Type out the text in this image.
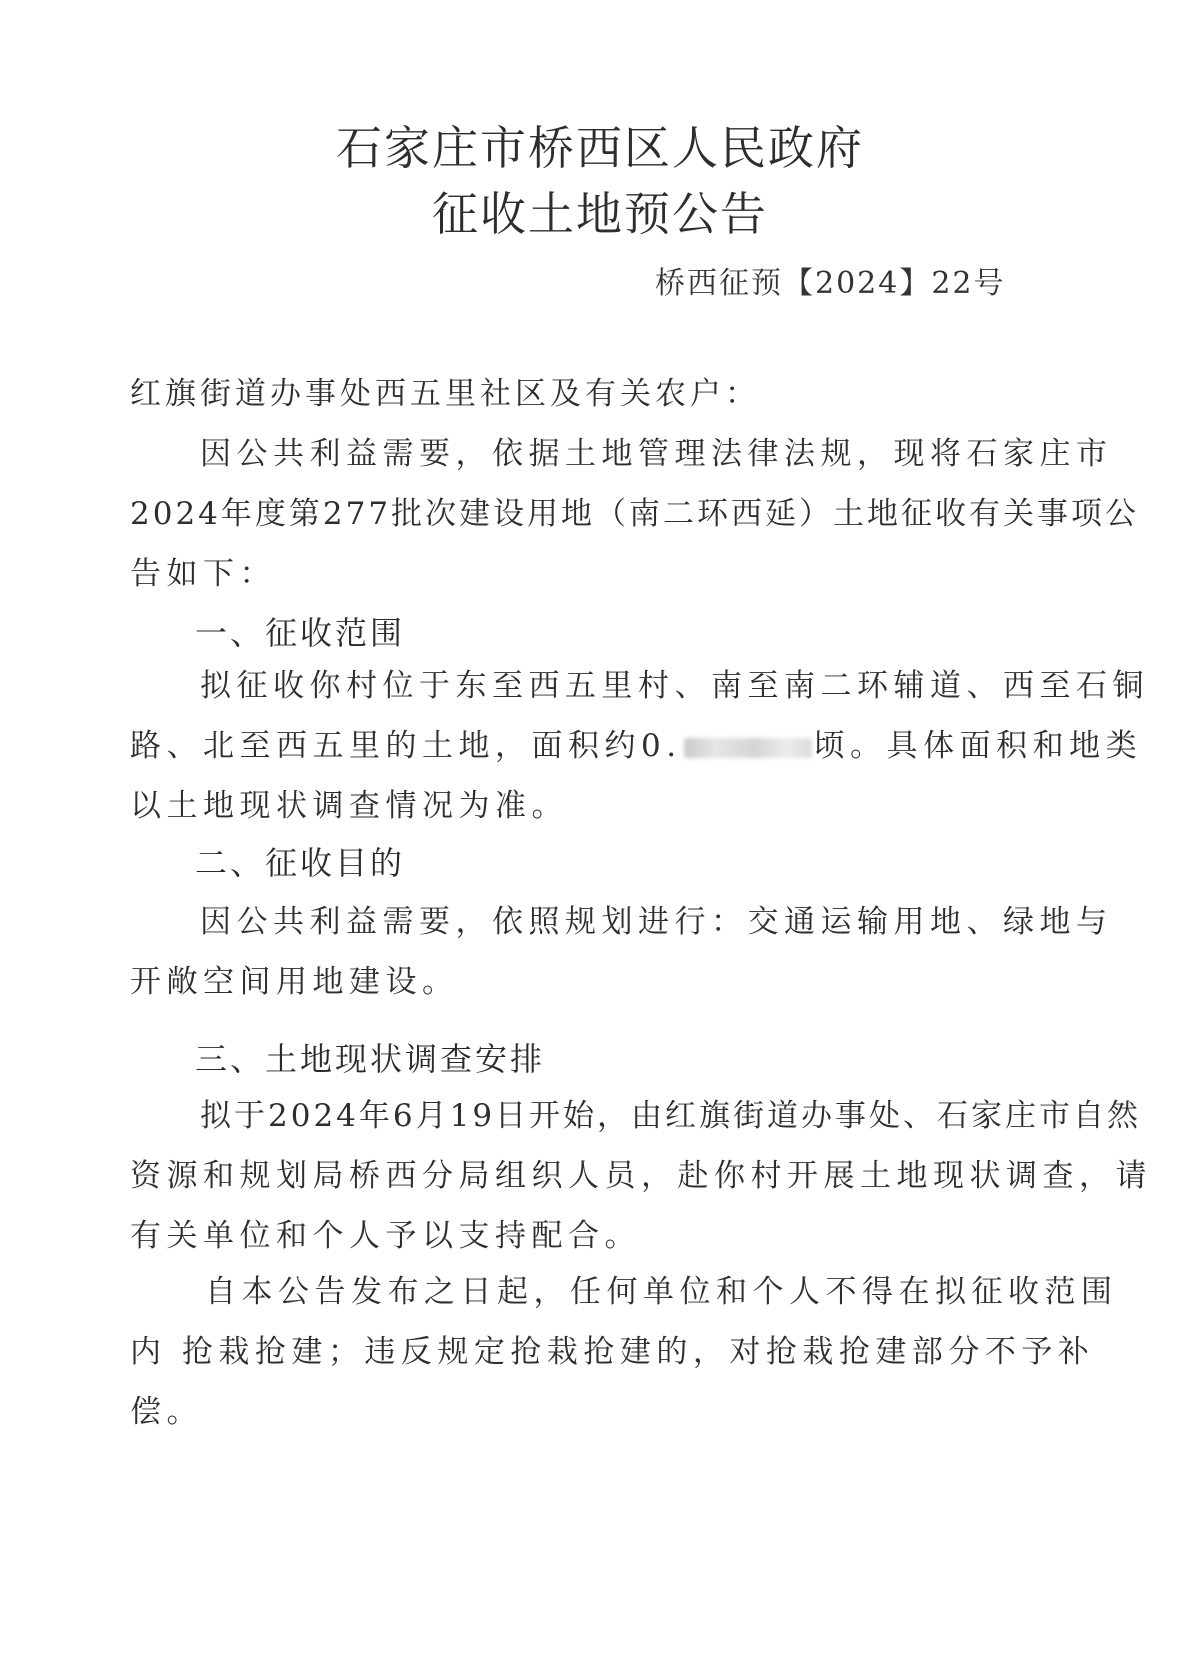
石家庄市桥西区人民政府
征收土地预公告
桥西征预【2024】22号
红旗街道办事处西五里社区及有关农户：
因公共利益需要，依据土地管理法律法规，现将石家庄市
2024年度第277批次建设用地（南二环西延）土地征收有关事项公
告如下：
一、征收范围
拟征收你村位于东至西五里村、南至南二环辅道、西至石铜
路、北至西五里的土地，面积约0.	顷。具体面积和地类
以土地现状调查情况为准。
二、征收目的
因公共利益需要，依照规划进行：交通运输用地、绿地与
开敞空间用地建设。
三、土地现状调查安排
拟于2024年6月19日开始，由红旗街道办事处、石家庄市自然
资源和规划局桥西分局组织人员，赴你村开展土地现状调查，请
有关单位和个人予以支持配合。
自本公告发布之日起，任何单位和个人不得在拟征收范围
内 抢栽抢建；违反规定抢栽抢建的，对抢栽抢建部分不予补
偿。
